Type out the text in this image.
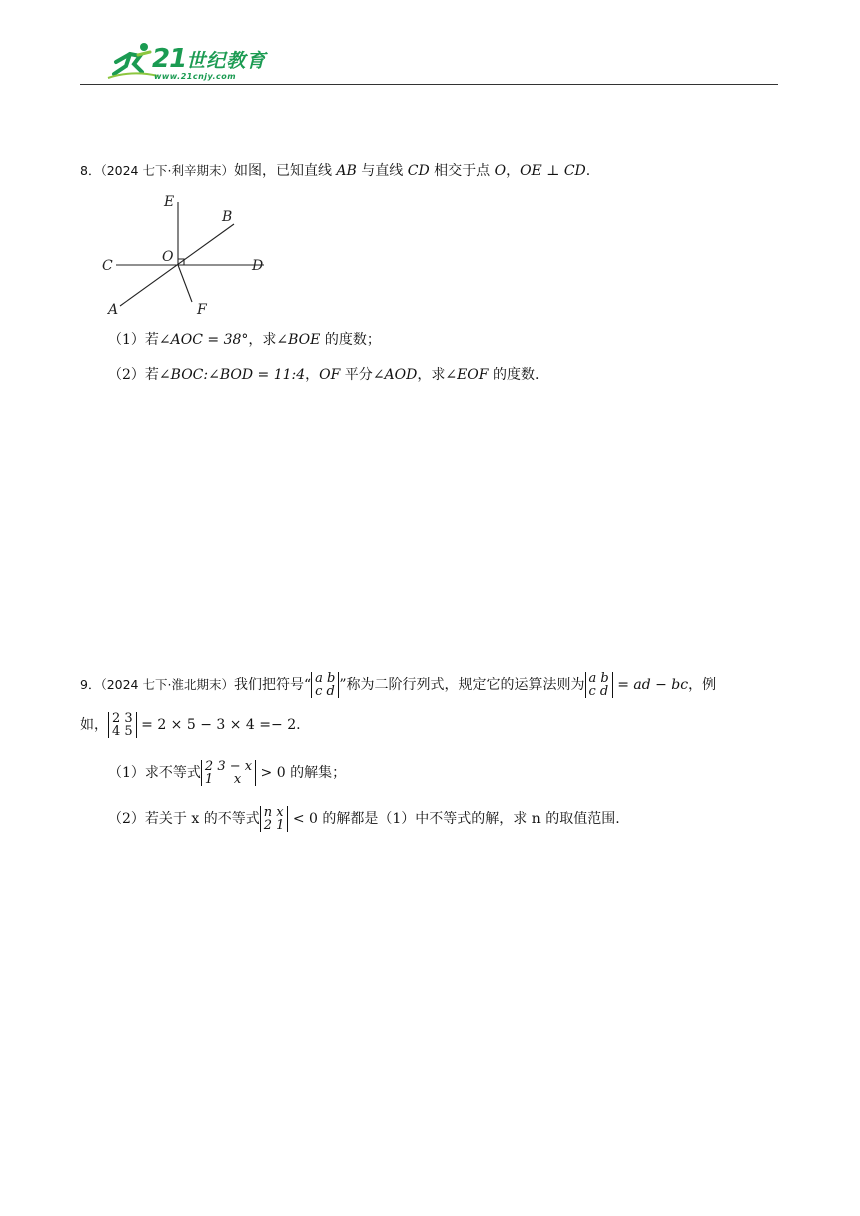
21世纪教育
www.21cnjy.com
8．（2024 七下·利辛期末）如图，已知直线 AB 与直线 CD 相交于点 O，OE ⊥ CD.
E
B
C
O
D
A	F
（1）若∠AOC = 38°，求∠BOE 的度数；
（2）若∠BOC:∠BOD = 11:4，OF 平分∠AOD，求∠EOF 的度数.
9．（2024 七下·淮北期末）我们把符号“ a b
c d ”称为二阶行列式，规定它的运算法则为 a b
c d = ad − bc，例
如， 2 3
4 5 = 2 × 5 − 3 × 4 =− 2.
（1）求不等式 2 3 − x
1     x	> 0 的解集；
（2）若关于 x 的不等式 n x
2 1 < 0 的解都是（1）中不等式的解，求 n 的取值范围.
